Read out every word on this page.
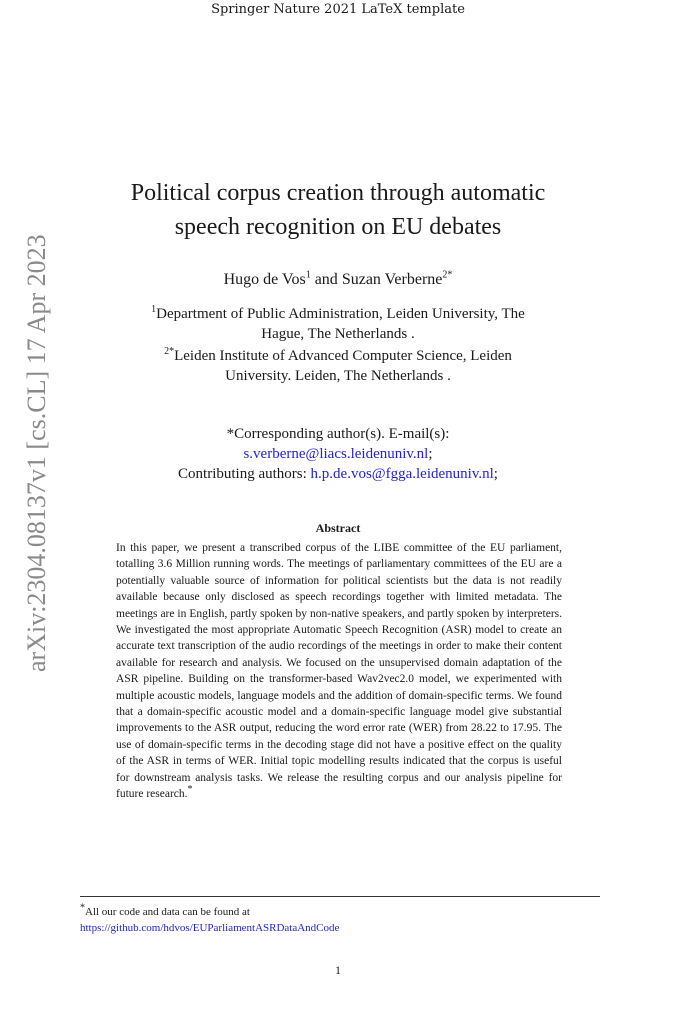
Springer Nature 2021 LaTeX template
arXiv:2304.08137v1 [cs.CL] 17 Apr 2023
Political corpus creation through automatic
speech recognition on EU debates
Hugo de Vos$^1$ and Suzan Verberne$^{2*}$
$^1$Department of Public Administration, Leiden University, The
Hague, The Netherlands .
$^{2*}$Leiden Institute of Advanced Computer Science, Leiden
University. Leiden, The Netherlands .
*Corresponding author(s). E-mail(s):
s.verberne@liacs.leidenuniv.nl;
Contributing authors: h.p.de.vos@fgga.leidenuniv.nl;
Abstract
In this paper, we present a transcribed corpus of the LIBE committee of the EU parliament, totalling 3.6 Million running words. The meetings of parliamentary committees of the EU are a potentially valuable source of information for political scientists but the data is not readily available because only disclosed as speech recordings together with limited metadata. The meetings are in English, partly spoken by non-native speakers, and partly spoken by interpreters. We investigated the most appropriate Automatic Speech Recognition (ASR) model to create an accurate text transcription of the audio recordings of the meetings in order to make their content available for research and analysis. We focused on the unsupervised domain adaptation of the ASR pipeline. Building on the transformer-based Wav2vec2.0 model, we experimented with multiple acoustic models, language models and the addition of domain-specific terms. We found that a domain-specific acoustic model and a domain-specific language model give substantial improvements to the ASR output, reducing the word error rate (WER) from 28.22 to 17.95. The use of domain-specific terms in the decoding stage did not have a positive effect on the quality of the ASR in terms of WER. Initial topic modelling results indicated that the corpus is useful for downstream analysis tasks. We release the resulting corpus and our analysis pipeline for future research.*
*All our code and data can be found at
https://github.com/hdvos/EUParliamentASRDataAndCode
1
